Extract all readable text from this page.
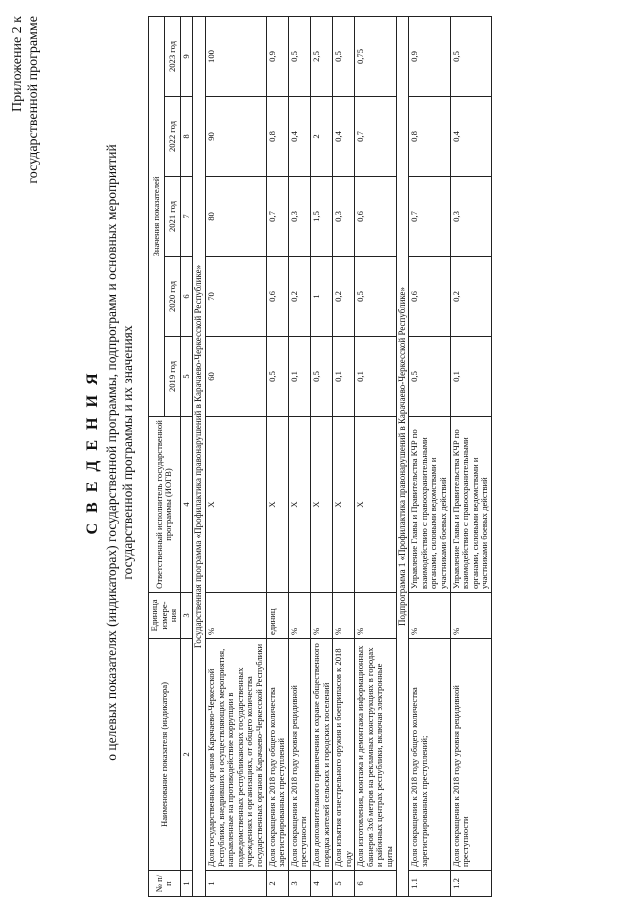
Приложение 2 к государственной программе
С В Е Д Е Н И Я о целевых показателях (индикаторах) государственной программы, подпрограмм и основных мероприятий государственной программы и их значениях
№ п/п	Наименование показателя (индикатора)	Единица измере-ния	Ответственный исполнитель государственной программы (ИОГВ)	Значения показателей				
				2019 год	2020 год	2021 год	2022 год	2023 год
1	2	3	4	5	6	7	8	9
Государственная программа «Профилактика правонарушений в Карачаево-Черкесской Республике»								
1	Доля государственных органов Карачаево-Черкесской Республики, внедривших и осуществляющих мероприятия, направленные на противодействие коррупции в подведомственных республиканских государственных учреждениях и организациях, от общего количества государственных органов Карачаево-Черкесской Республики	%	X	60	70	80	90	100
2	Доля сокращения к 2018 году общего количества зарегистрированных преступлений	единиц	X	0,5	0,6	0,7	0,8	0,9
3	Доля сокращения к 2018 году уровня рецидивной преступности	%	X	0,1	0,2	0,3	0,4	0,5
4	Доля дополнительного привлечения к охране общественного порядка жителей сельских и городских поселений	%	X	0,5	1	1,5	2	2,5
5	Доля изъятия огнестрельного оружия и боеприпасов к 2018 году	%	X	0,1	0,2	0,3	0,4	0,5
6	Доля изготовления, монтажа и демонтажа информационных баннеров 3х6 метров на рекламных конструкциях в городах и районных центрах республики, включая электронные щиты	%	X	0,1	0,5	0,6	0,7	0,75
Подпрограмма 1 «Профилактика правонарушений в Карачаево-Черкесской Республике»								
1.1	Доля сокращения к 2018 году общего количества зарегистрированных преступлений;	%	Управление Главы и Правительства КЧР по взаимодействию с правоохранительными органами, силовыми ведомствами и участниками боевых действий	0,5	0,6	0,7	0,8	0,9
1.2	Доля сокращения к 2018 году уровня рецидивной преступности	%	Управление Главы и Правительства КЧР по взаимодействию с правоохранительными органами, силовыми ведомствами и участниками боевых действий	0,1	0,2	0,3	0,4	0,5
